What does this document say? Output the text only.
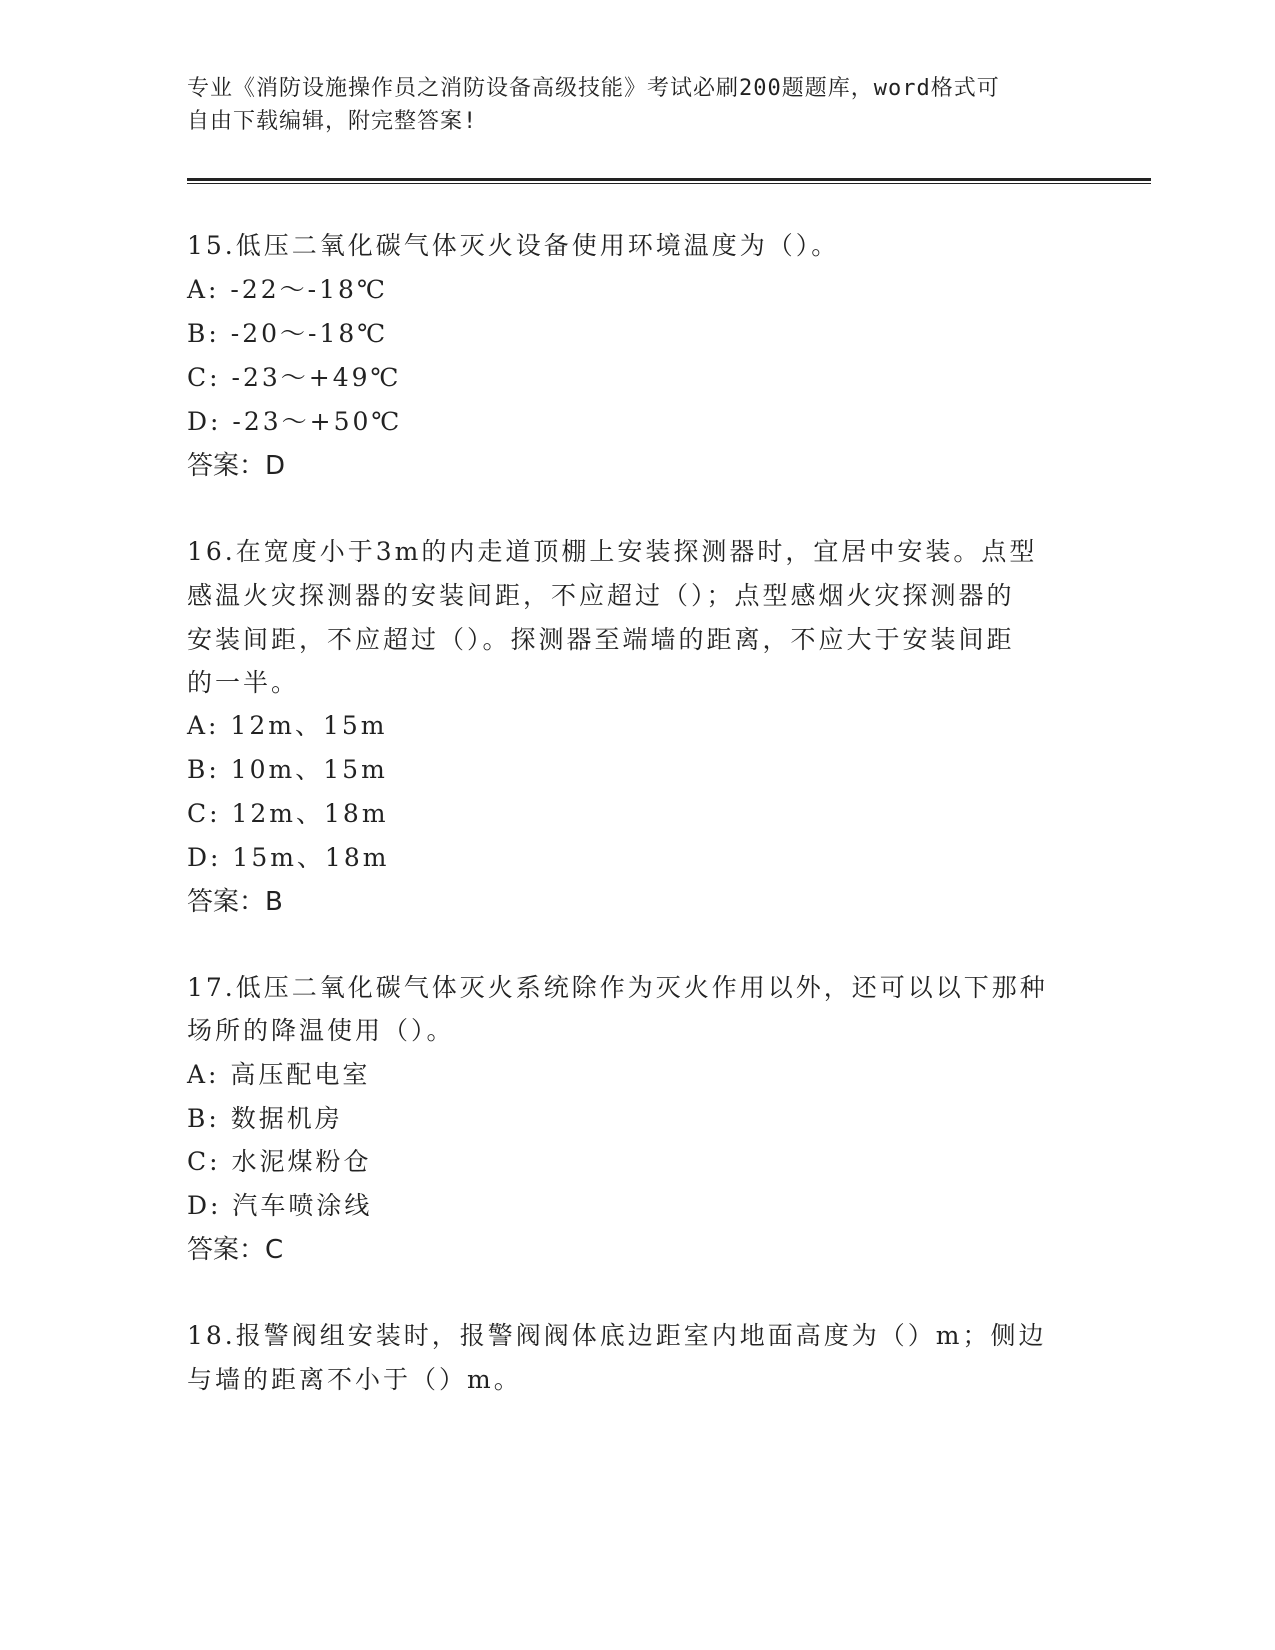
专业《消防设施操作员之消防设备高级技能》考试必刷200题题库，word格式可
自由下载编辑，附完整答案!
15.低压二氧化碳气体灭火设备使用环境温度为（）。
A: -22～-18℃
B: -20～-18℃
C: -23～+49℃
D: -23～+50℃
答案：D
16.在宽度小于3m的内走道顶棚上安装探测器时，宜居中安装。点型
感温火灾探测器的安装间距，不应超过（）；点型感烟火灾探测器的
安装间距，不应超过（）。探测器至端墙的距离，不应大于安装间距
的一半。
A: 12m、15m
B: 10m、15m
C: 12m、18m
D: 15m、18m
答案：B
17.低压二氧化碳气体灭火系统除作为灭火作用以外，还可以以下那种
场所的降温使用（）。
A: 高压配电室
B: 数据机房
C: 水泥煤粉仓
D: 汽车喷涂线
答案：C
18.报警阀组安装时，报警阀阀体底边距室内地面高度为（）m；侧边
与墙的距离不小于（）m。
